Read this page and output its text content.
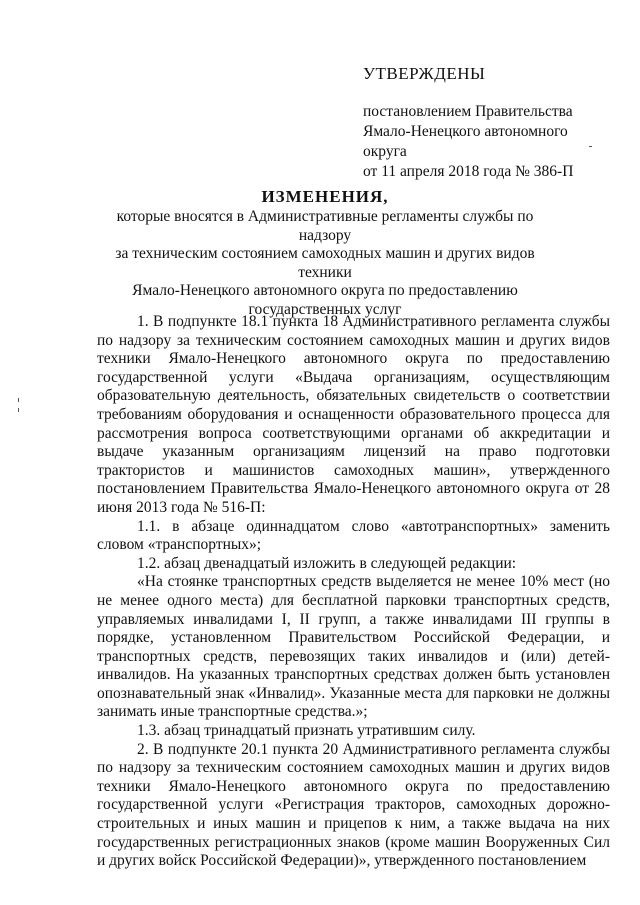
УТВЕРЖДЕНЫ
постановлением Правительства
Ямало-Ненецкого автономного округа
от 11 апреля 2018 года № 386-П
ИЗМЕНЕНИЯ,
которые вносятся в Административные регламенты службы по надзору
за техническим состоянием самоходных машин и других видов техники
Ямало-Ненецкого автономного округа по предоставлению
государственных услуг

1. В подпункте 18.1 пункта 18 Административного регламента службы по надзору за техническим состоянием самоходных машин и других видов техники Ямало-Ненецкого автономного округа по предоставлению государственной услуги «Выдача организациям, осуществляющим образовательную деятельность, обязательных свидетельств о соответствии требованиям оборудования и оснащенности образовательного процесса для рассмотрения вопроса соответствующими органами об аккредитации и выдаче указанным организациям лицензий на право подготовки трактористов и машинистов самоходных машин», утвержденного постановлением Правительства Ямало-Ненецкого автономного округа от 28 июня 2013 года № 516-П:

1.1. в абзаце одиннадцатом слово «автотранспортных» заменить словом «транспортных»;

1.2. абзац двенадцатый изложить в следующей редакции:

«На стоянке транспортных средств выделяется не менее 10% мест (но не менее одного места) для бесплатной парковки транспортных средств, управляемых инвалидами I, II групп, а также инвалидами III группы в порядке, установленном Правительством Российской Федерации, и транспортных средств, перевозящих таких инвалидов и (или) детей-инвалидов. На указанных транспортных средствах должен быть установлен опознавательный знак «Инвалид». Указанные места для парковки не должны занимать иные транспортные средства.»;

1.3. абзац тринадцатый признать утратившим силу.

2. В подпункте 20.1 пункта 20 Административного регламента службы по надзору за техническим состоянием самоходных машин и других видов техники Ямало-Ненецкого автономного округа по предоставлению государственной услуги «Регистрация тракторов, самоходных дорожно-строительных и иных машин и прицепов к ним, а также выдача на них государственных регистрационных знаков (кроме машин Вооруженных Сил и других войск Российской Федерации)», утвержденного постановлением
